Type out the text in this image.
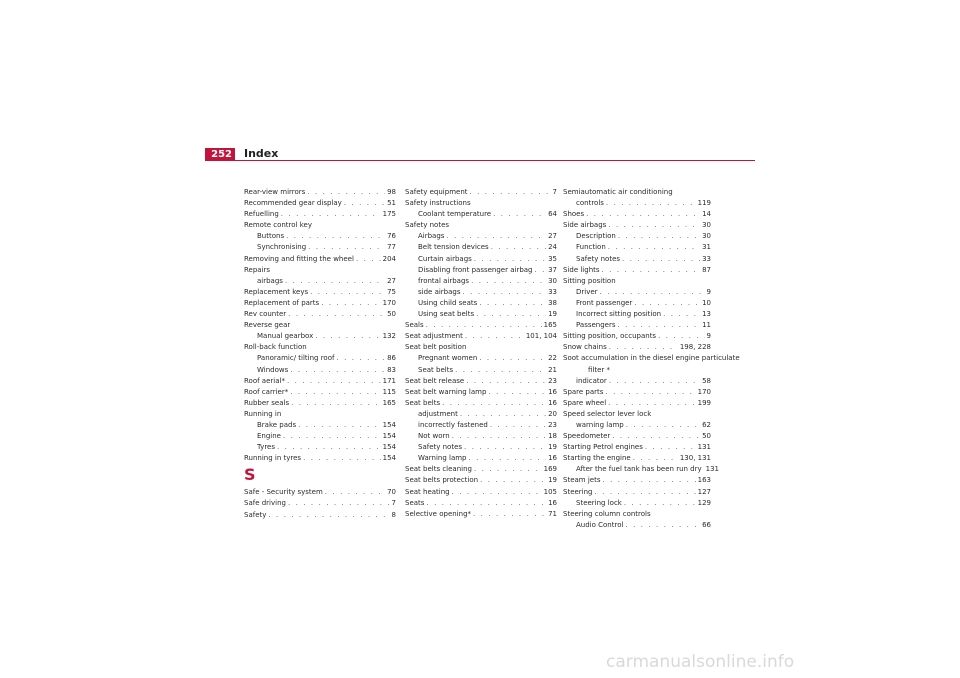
252 Index
Rear-view mirrors . . .	98
Recommended gear display . . .	51
Refuelling . . .	175
Remote control key
Buttons . . .	76
Synchronising . . .	77
Removing and fitting the wheel . . .	204
Repairs
airbags . . .	27
Replacement keys . . .	75
Replacement of parts . . .	170
Rev counter . . .	50
Reverse gear
Manual gearbox . . .	132
Roll-back function
Panoramic/ tilting roof . . .	86
Windows . . .	83
Roof aerial* . . .	171
Roof carrier* . . .	115
Rubber seals . . .	165
Running in
Brake pads . . .	154
Engine . . .	154
Tyres . . .	154
Running in tyres . . .	154
S
Safe - Security system . . .	70
Safe driving . . .	7
Safety . . .	8
Safety equipment . . .	7
Safety instructions
Coolant temperature . . .	64
Safety notes
Airbags . . .	27
Belt tension devices . . .	24
Curtain airbags . . .	35
Disabling front passenger airbag . . . 37
frontal airbags . . .	30
side airbags . . .	33
Using child seats . . .	38
Using seat belts . . .	19
Seals . . .	165
Seat adjustment . . .	101, 104
Seat belt position
Pregnant women . . .	22
Seat belts . . .	21
Seat belt release . . .	23
Seat belt warning lamp . . .	16
Seat belts . . .	16
adjustment . . .	20
incorrectly fastened . . .	23
Not worn . . .	18
Safety notes . . .	19
Warning lamp . . .	16
Seat belts cleaning . . .	169
Seat belts protection . . .	19
Seat heating . . .	105
Seats . . .	16
Selective opening* . . .	71
Semiautomatic air conditioning
controls . . .	119
Shoes . . .	14
Side airbags . . .	30
Description . . .	30
Function . . .	31
Safety notes . . .	33
Side lights . . .	87
Sitting position
Driver . . .	9
Front passenger . . .	10
Incorrect sitting position . . .	13
Passengers . . .	11
Sitting position, occupants . . .	9
Snow chains . . .	198, 228
Soot accumulation in the diesel engine particulate
filter *
indicator . . .	58
Spare parts . . .	170
Spare wheel . . .	199
Speed selector lever lock
warning lamp . . .	62
Speedometer . . .	50
Starting Petrol engines . . .	131
Starting the engine . . .	130, 131
After the fuel tank has been run dry 131
Steam jets . . .	163
Steering . . .	127
Steering lock . . .	129
Steering column controls
Audio Control . . .	66
carmanualsonline.info
